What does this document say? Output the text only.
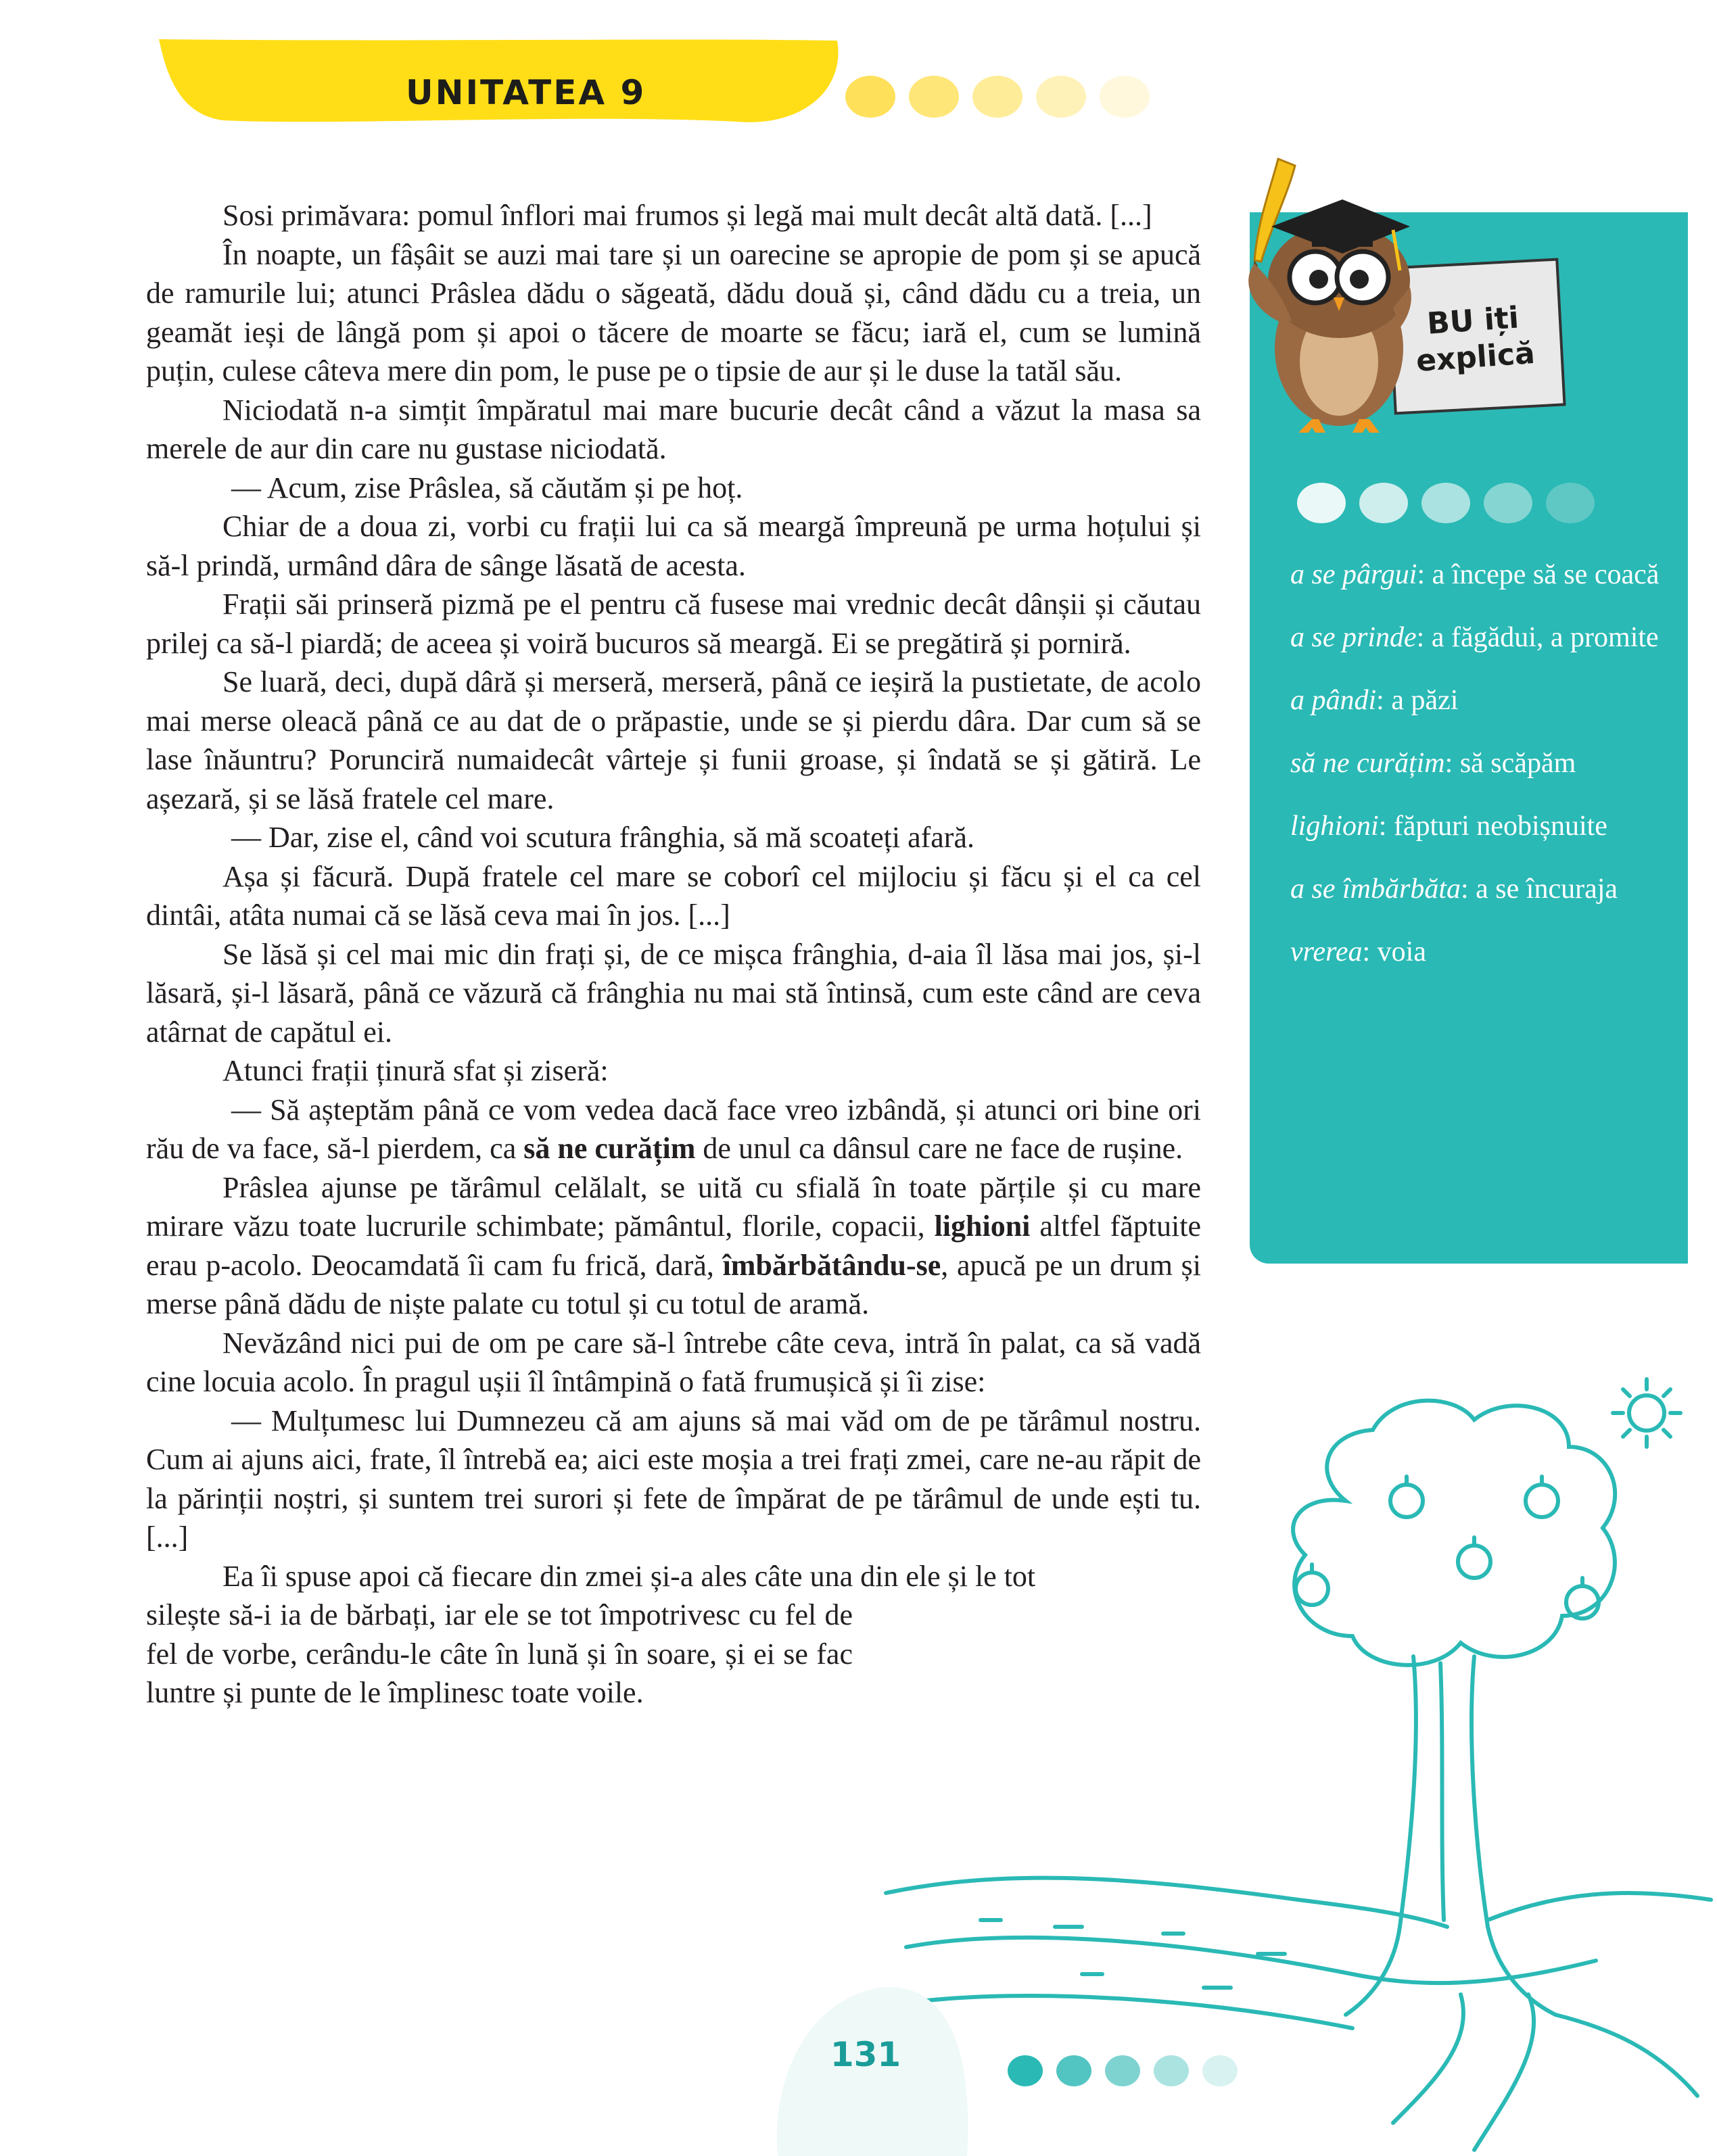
UNITATEA 9

Sosi primăvara: pomul înflori mai frumos și legă mai mult decât altă dată. [...]

În noapte, un fâșâit se auzi mai tare și un oarecine se apropie de pom și se apucă de ramurile lui; atunci Prâslea dădu o săgeată, dădu două și, când dădu cu a treia, un geamăt ieși de lângă pom și apoi o tăcere de moarte se făcu; iară el, cum se lumină puțin, culese câteva mere din pom, le puse pe o tipsie de aur și le duse la tatăl său.

Niciodată n-a simțit împăratul mai mare bucurie decât când a văzut la masa sa merele de aur din care nu gustase niciodată.

— Acum, zise Prâslea, să căutăm și pe hoț.

Chiar de a doua zi, vorbi cu frații lui ca să meargă împreună pe urma hoțului și să-l prindă, urmând dâra de sânge lăsată de acesta.

Frații săi prinseră pizmă pe el pentru că fusese mai vrednic decât dânșii și căutau prilej ca să-l piardă; de aceea și voiră bucuros să meargă. Ei se pregătiră și porniră.

Se luară, deci, după dâră și merseră, merseră, până ce ieșiră la pustietate, de acolo mai merse oleacă până ce au dat de o prăpastie, unde se și pierdu dâra. Dar cum să se lase înăuntru? Poruncіră numaidecât vârteje și funii groase, și îndată se și gătiră. Le așezară, și se lăsă fratele cel mare.

— Dar, zise el, când voi scutura frânghia, să mă scoateți afară.

Așa și făcură. După fratele cel mare se coborî cel mijlociu și făcu și el ca cel dintâi, atâta numai că se lăsă ceva mai în jos. [...]

Se lăsă și cel mai mic din frați și, de ce mișca frânghia, d-aia îl lăsa mai jos, și-l lăsară, și-l lăsară, până ce văzură că frânghia nu mai stă întinsă, cum este când are ceva atârnat de capătul ei.

Atunci frații ținură sfat și ziseră:

— Să așteptăm până ce vom vedea dacă face vreo izbândă, și atunci ori bine ori rău de va face, să-l pierdem, ca să ne curățim de unul ca dânsul care ne face de rușine.

Prâslea ajunse pe tărâmul celălalt, se uită cu sfială în toate părțile și cu mare mirare văzu toate lucrurile schimbate; pământul, florile, copacii, lighioni altfel făptuite erau p-acolo. Deocamdată îi cam fu frică, dară, îmbărbătându-se, apucă pe un drum și merse până dădu de niște palate cu totul și cu totul de aramă.

Nevăzând nici pui de om pe care să-l întrebe câte ceva, intră în palat, ca să vadă cine locuia acolo. În pragul ușii îl întâmpină o fată frumușică și îi zise:

— Mulțumesc lui Dumnezeu că am ajuns să mai văd om de pe tărâmul nostru. Cum ai ajuns aici, frate, îl întrebă ea; aici este moșia a trei frați zmei, care ne-au răpit de la părinții noștri, și suntem trei surori și fete de împărat de pe tărâmul de unde ești tu. [...]

Ea îi spuse apoi că fiecare din zmei și-a ales câte una din ele și le tot

silește să-i ia de bărbați, iar ele se tot împotrivesc cu fel de fel de vorbe, cerându-le câte în lună și în soare, și ei se fac luntre și punte de le împlinesc toate voile.

a se pârgui: a începe să se coacă
a se prinde: a făgădui, a promite
a pândi: a păzi
să ne curățim: să scăpăm
lighioni: făpturi neobișnuite
a se îmbărbăta: a se încuraja
vrerea: voia
BU iți
explică
131
